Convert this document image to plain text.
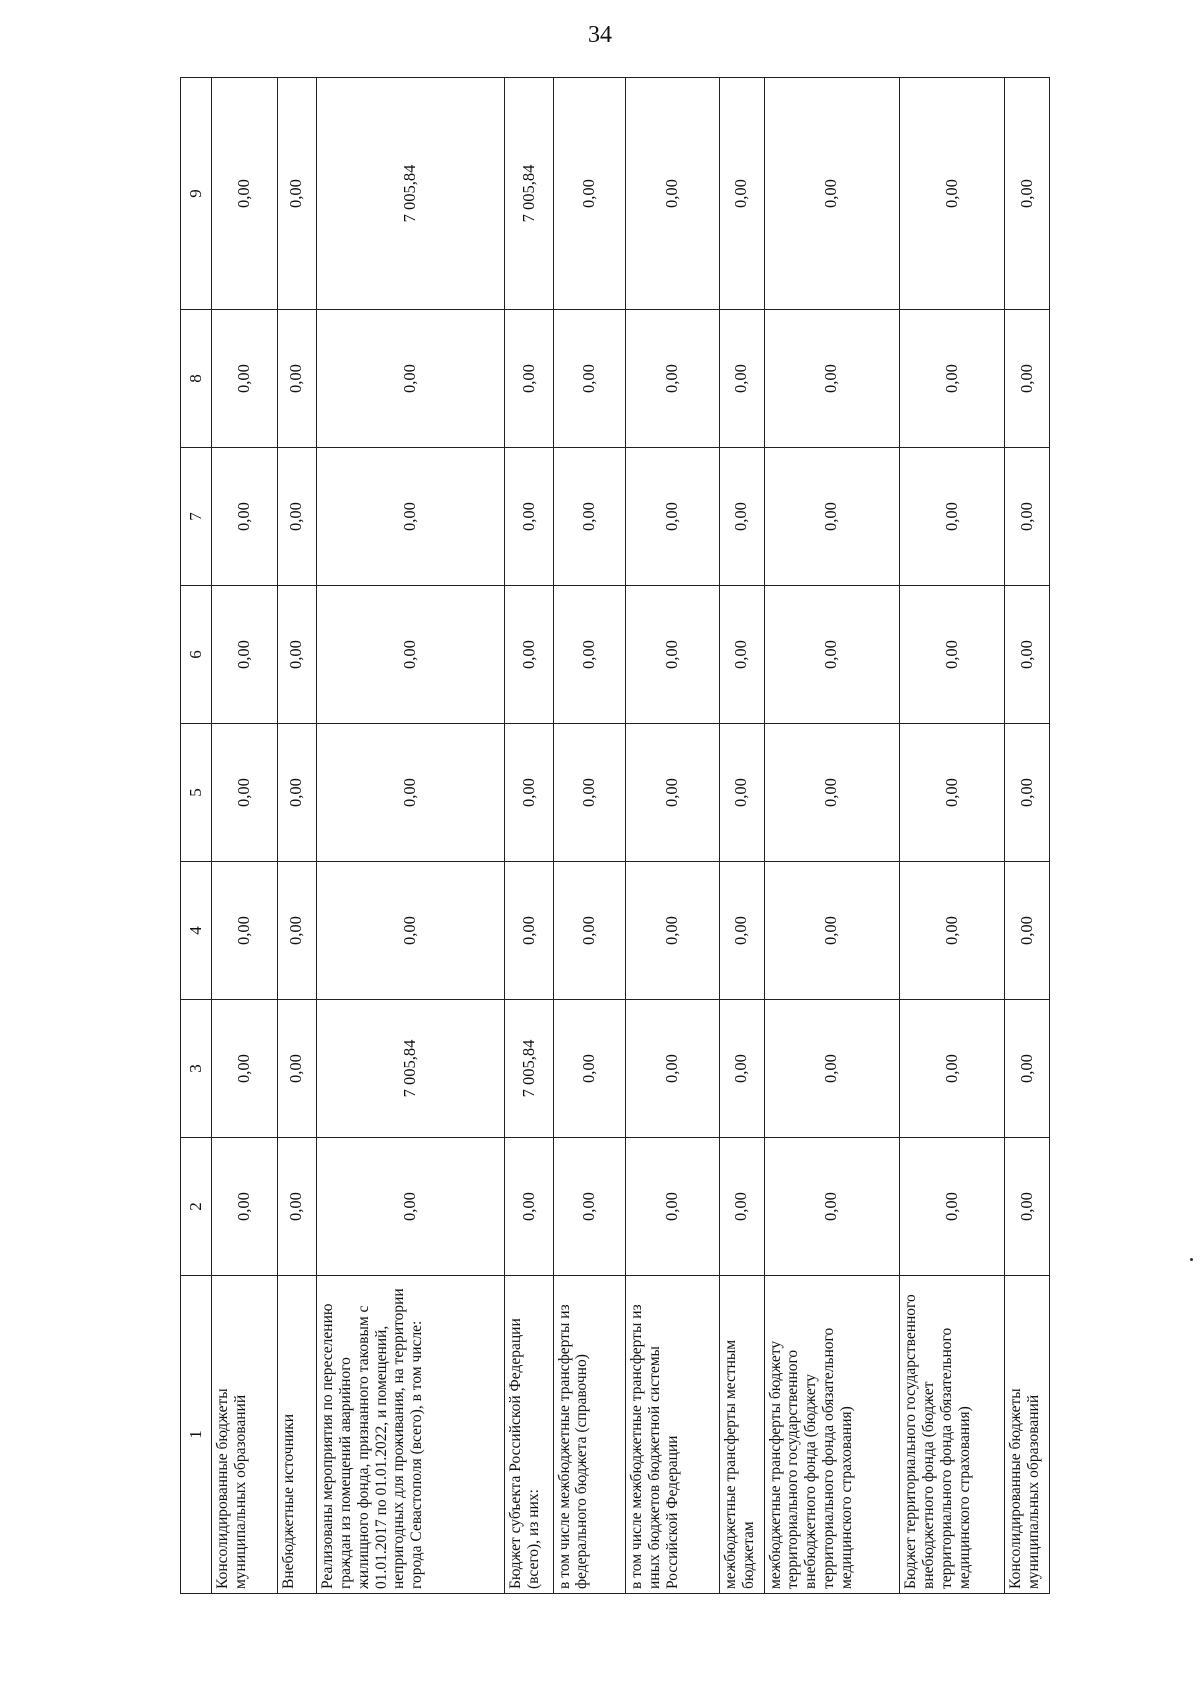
34
1	2	3	4	5	6	7	8	9
Консолидированные бюджеты муниципальных образований	0,00	0,00	0,00	0,00	0,00	0,00	0,00	0,00
Внебюджетные источники	0,00	0,00	0,00	0,00	0,00	0,00	0,00	0,00
Реализованы мероприятия по переселению граждан из помещений аварийного жилищного фонда, признанного таковым с 01.01.2017 по 01.01.2022, и помещений, непригодных для проживания, на территории города Севастополя (всего), в том числе:	0,00	7 005,84	0,00	0,00	0,00	0,00	0,00	7 005,84
Бюджет субъекта Российской Федерации (всего), из них:	0,00	7 005,84	0,00	0,00	0,00	0,00	0,00	7 005,84
в том числе межбюджетные трансферты из федерального бюджета (справочно)	0,00	0,00	0,00	0,00	0,00	0,00	0,00	0,00
в том числе межбюджетные трансферты из иных бюджетов бюджетной системы Российской Федерации	0,00	0,00	0,00	0,00	0,00	0,00	0,00	0,00
межбюджетные трансферты местным бюджетам	0,00	0,00	0,00	0,00	0,00	0,00	0,00	0,00
межбюджетные трансферты бюджету территориального государственного внебюджетного фонда (бюджету территориального фонда обязательного медицинского страхования)	0,00	0,00	0,00	0,00	0,00	0,00	0,00	0,00
Бюджет территориального государственного внебюджетного фонда (бюджет территориального фонда обязательного медицинского страхования)	0,00	0,00	0,00	0,00	0,00	0,00	0,00	0,00
Консолидированные бюджеты муниципальных образований	0,00	0,00	0,00	0,00	0,00	0,00	0,00	0,00
